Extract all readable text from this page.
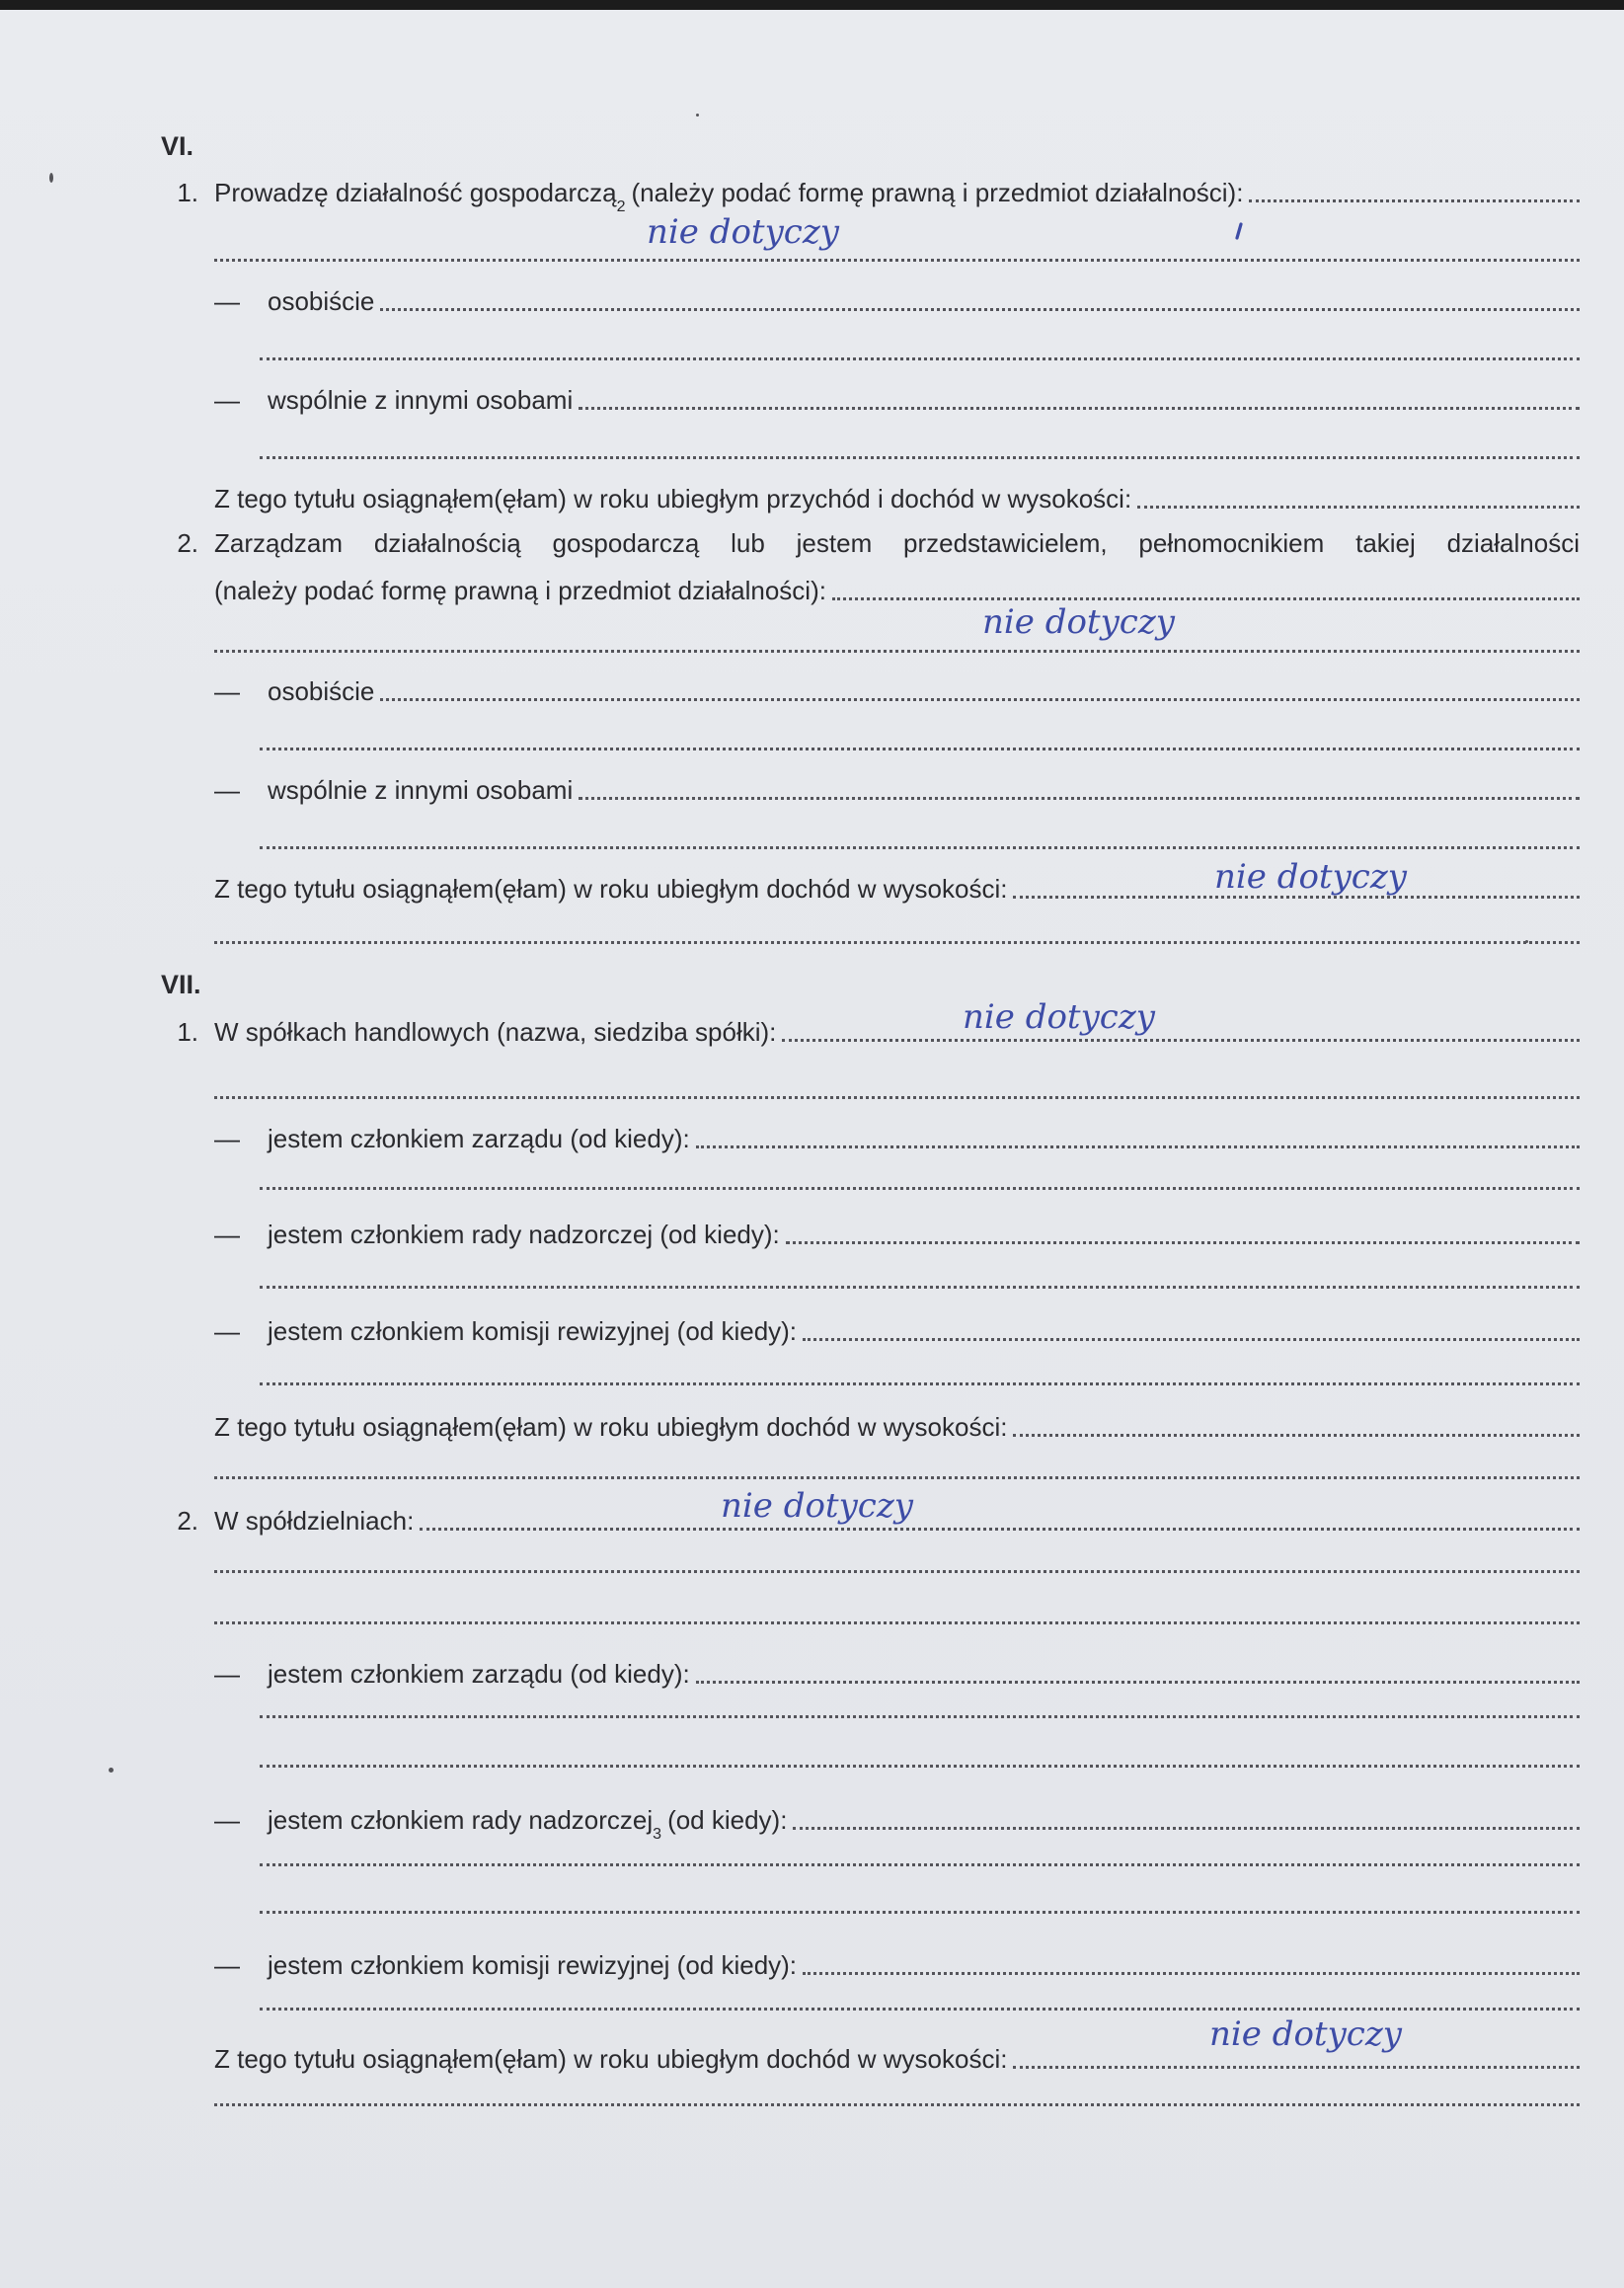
VI.
1. Prowadzę działalność gospodarczą 2 (należy podać formę prawną i przedmiot działalności):
nie dotyczy
—	osobiście
—	wspólnie z innymi osobami
Z tego tytułu osiągnąłem(ęłam) w roku ubiegłym przychód i dochód w wysokości:
2. Zarządzam działalnością gospodarczą lub jestem przedstawicielem, pełnomocnikiem takiej działalności
(należy podać formę prawną i przedmiot działalności):
nie dotyczy
—	osobiście
—	wspólnie z innymi osobami
Z tego tytułu osiągnąłem(ęłam) w roku ubiegłym dochód w wysokości:	nie dotyczy
VII.
1. W spółkach handlowych (nazwa, siedziba spółki):	nie dotyczy
—	jestem członkiem zarządu (od kiedy):
—	jestem członkiem rady nadzorczej (od kiedy):
—	jestem członkiem komisji rewizyjnej (od kiedy):
Z tego tytułu osiągnąłem(ęłam) w roku ubiegłym dochód w wysokości:
2. W spółdzielniach:	nie dotyczy
—	jestem członkiem zarządu (od kiedy):
—	jestem członkiem rady nadzorczej 3 (od kiedy):
—	jestem członkiem komisji rewizyjnej (od kiedy):
Z tego tytułu osiągnąłem(ęłam) w roku ubiegłym dochód w wysokości:
nie dotyczy
